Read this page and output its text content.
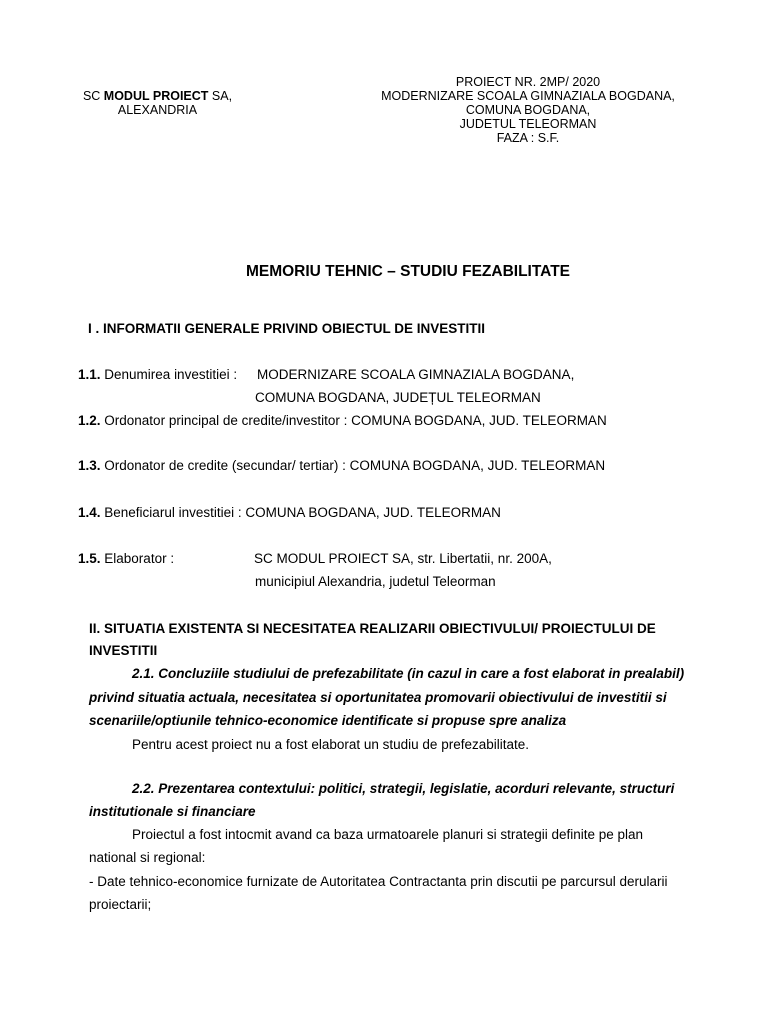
SC MODUL PROIECT SA,
ALEXANDRIA
PROIECT NR. 2MP/ 2020
MODERNIZARE SCOALA GIMNAZIALA BOGDANA,
COMUNA BOGDANA,
JUDETUL TELEORMAN
FAZA : S.F.
MEMORIU TEHNIC – STUDIU FEZABILITATE
I . INFORMATII GENERALE PRIVIND OBIECTUL DE INVESTITII
1.1. Denumirea investitiei : MODERNIZARE SCOALA GIMNAZIALA BOGDANA,
COMUNA BOGDANA, JUDEȚUL TELEORMAN
1.2. Ordonator principal de credite/investitor : COMUNA BOGDANA, JUD. TELEORMAN
1.3. Ordonator de credite (secundar/ tertiar) : COMUNA BOGDANA, JUD. TELEORMAN
1.4. Beneficiarul investitiei : COMUNA BOGDANA, JUD. TELEORMAN
1.5. Elaborator :	SC MODUL PROIECT SA, str. Libertatii, nr. 200A,
municipiul Alexandria, judetul Teleorman
II. SITUATIA EXISTENTA SI NECESITATEA REALIZARII OBIECTIVULUI/ PROIECTULUI DE
INVESTITII
2.1. Concluziile studiului de prefezabilitate (in cazul in care a fost elaborat in prealabil)
privind situatia actuala, necesitatea si oportunitatea promovarii obiectivului de investitii si
scenariile/optiunile tehnico-economice identificate si propuse spre analiza
Pentru acest proiect nu a fost elaborat un studiu de prefezabilitate.
2.2. Prezentarea contextului: politici, strategii, legislatie, acorduri relevante, structuri
institutionale si financiare
Proiectul a fost intocmit avand ca baza urmatoarele planuri si strategii definite pe plan
national si regional:
- Date tehnico-economice furnizate de Autoritatea Contractanta prin discutii pe parcursul derularii
proiectarii;
